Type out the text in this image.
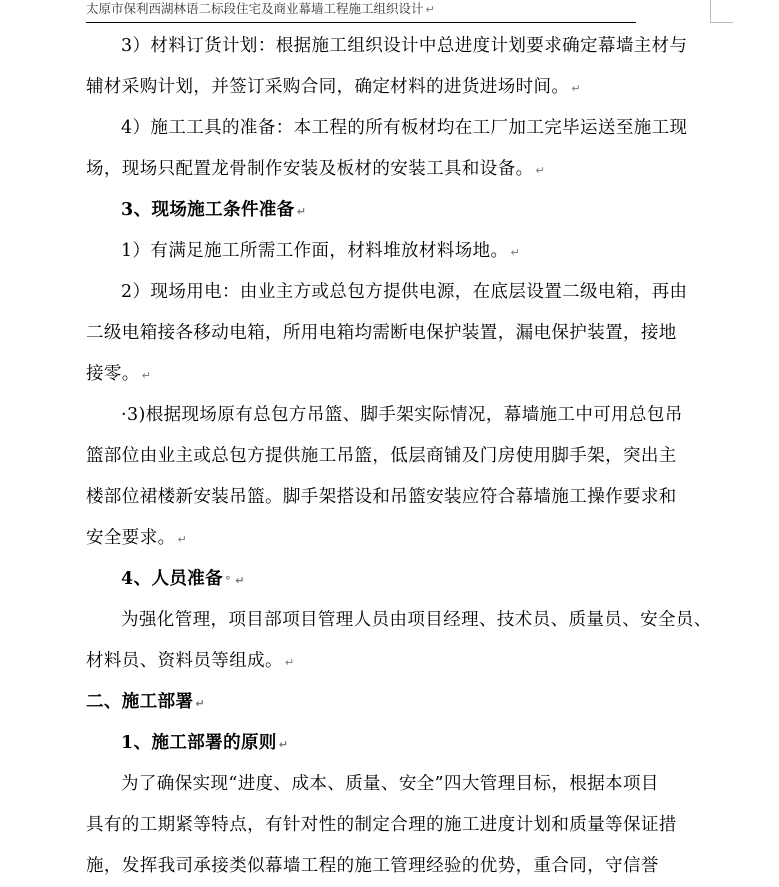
太原市保利西湖林语二标段住宅及商业幕墙工程施工组织设计 ↵
3）材料订货计划：根据施工组织设计中总进度计划要求确定幕墙主材与
辅材采购计划，并签订采购合同，确定材料的进货进场时间。 ↵
4）施工工具的准备：本工程的所有板材均在工厂加工完毕运送至施工现
场，现场只配置龙骨制作安装及板材的安装工具和设备。 ↵
3、现场施工条件准备 ↵
1）有满足施工所需工作面，材料堆放材料场地。 ↵
2）现场用电：由业主方或总包方提供电源，在底层设置二级电箱，再由
二级电箱接各移动电箱，所用电箱均需断电保护装置，漏电保护装置，接地
接零。 ↵
·3)根据现场原有总包方吊篮、脚手架实际情况，幕墙施工中可用总包吊
篮部位由业主或总包方提供施工吊篮，低层商铺及门房使用脚手架，突出主
楼部位裙楼新安装吊篮。脚手架搭设和吊篮安装应符合幕墙施工操作要求和
安全要求。 ↵
4、人员准备 ° ↵
为强化管理，项目部项目管理人员由项目经理、技术员、质量员、安全员、
材料员、资料员等组成。 ↵
二、施工部署 ↵
1、施工部署的原则 ↵
为了确保实现“进度、成本、质量、安全”四大管理目标，根据本项目
具有的工期紧等特点，有针对性的制定合理的施工进度计划和质量等保证措
施，发挥我司承接类似幕墙工程的施工管理经验的优势，重合同，守信誉
